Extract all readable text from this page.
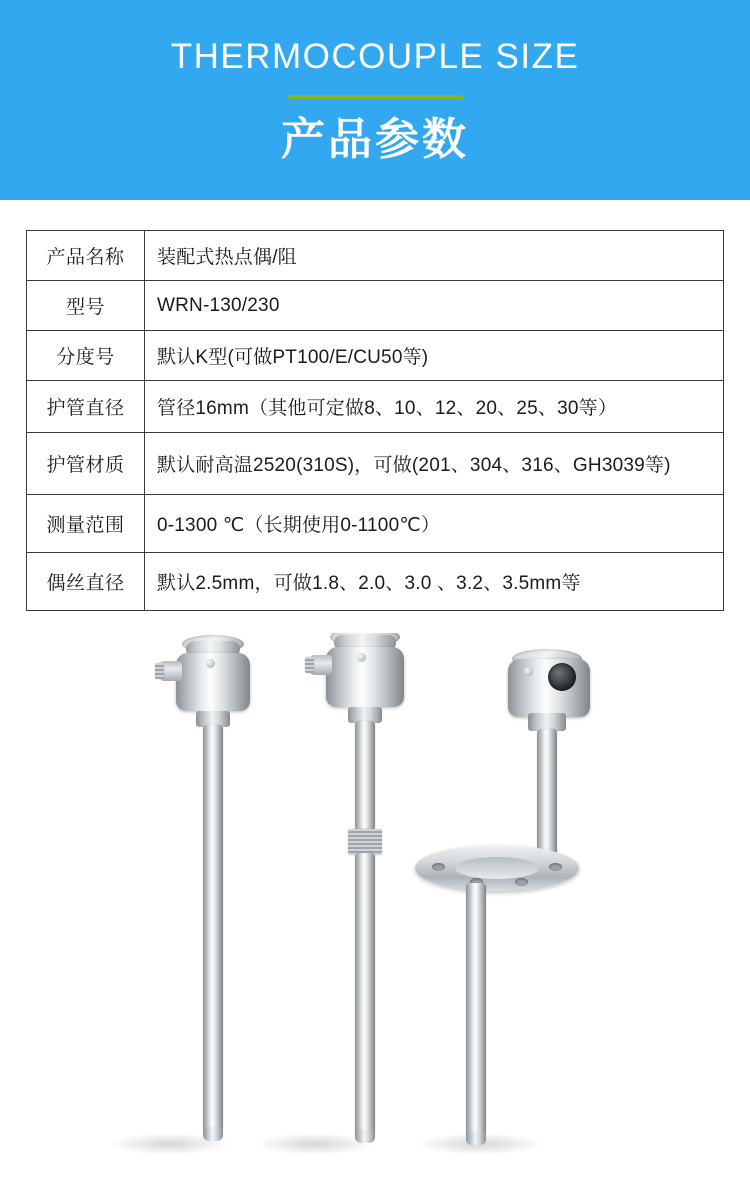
THERMOCOUPLE SIZE
产品参数
产品名称	装配式热点偶/阻
型号	WRN-130/230
分度号	默认K型(可做PT100/E/CU50等)
护管直径	管径16mm（其他可定做8、10、12、20、25、30等）
护管材质	默认耐高温2520(310S)，可做(201、304、316、GH3039等)
测量范围	0-1300 ℃（长期使用0-1100℃）
偶丝直径	默认2.5mm，可做1.8、2.0、3.0 、3.2、3.5mm等
